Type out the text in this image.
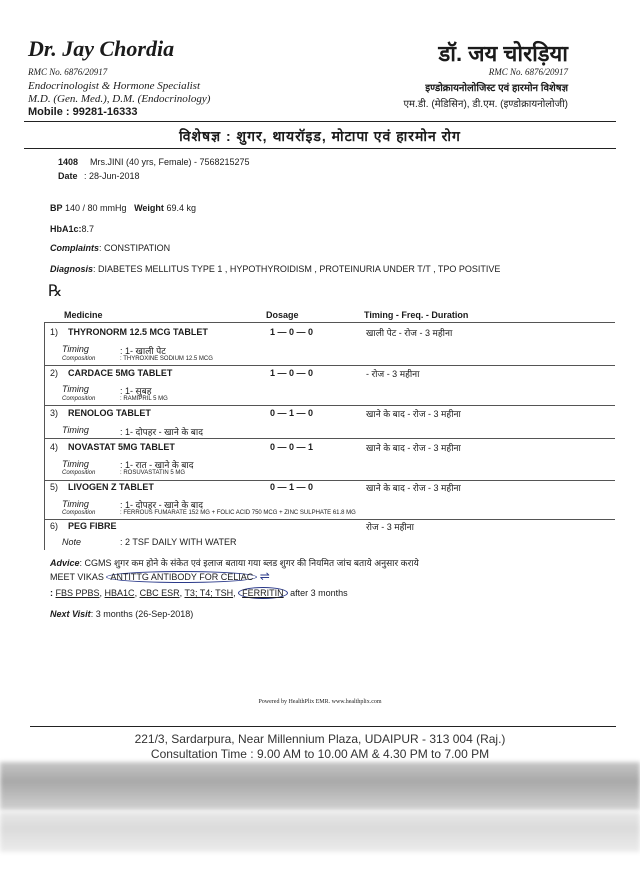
Dr. Jay Chordia
RMC No. 6876/20917
Endocrinologist & Hormone Specialist
M.D. (Gen. Med.), D.M. (Endocrinology)
Mobile : 99281-16333
डॉ. जय चोरड़िया
RMC No. 6876/20917
इण्डोक्रायनोलोजिस्ट एवं हारमोन विशेषज्ञ
एम.डी. (मेडिसिन), डी.एम. (इण्डोक्रायनोलोजी)
विशेषज्ञ : शुगर, थायरॉइड, मोटापा एवं हारमोन रोग
1408 Mrs.JINI (40 yrs, Female) - 7568215275
Date : 28-Jun-2018
BP 140 / 80 mmHg Weight 69.4 kg
HbA1c:8.7
Complaints: CONSTIPATION
Diagnosis: DIABETES MELLITUS TYPE 1 , HYPOTHYROIDISM , PROTEINURIA UNDER T/T , TPO POSITIVE
℞
Medicine	Dosage	Timing - Freq. - Duration
1) THYRONORM 12.5 MCG TABLET	1 — 0 — 0	खाली पेट - रोज - 3 महीना
Timing	: 1- खाली पेट
Composition	: THYROXINE SODIUM 12.5 MCG
2) CARDACE 5MG TABLET	1 — 0 — 0	- रोज - 3 महीना
Timing	: 1- सुबह
Composition	: RAMIPRIL 5 MG
3) RENOLOG TABLET	0 — 1 — 0	खाने के बाद - रोज - 3 महीना
Timing	: 1- दोपहर - खाने के बाद
4) NOVASTAT 5MG TABLET	0 — 0 — 1	खाने के बाद - रोज - 3 महीना
Timing	: 1- रात - खाने के बाद
Composition	: ROSUVASTATIN 5 MG
5) LIVOGEN Z TABLET	0 — 1 — 0	खाने के बाद - रोज - 3 महीना
Timing	: 1- दोपहर - खाने के बाद
Composition	: FERROUS FUMARATE 152 MG + FOLIC ACID 750 MCG + ZINC SULPHATE 61.8 MG
6) PEG FIBRE	रोज - 3 महीना
Note	: 2 TSF DAILY WITH WATER
Advice: CGMS शुगर कम होने के संकेत एवं इलाज बताया गया ब्लड शुगर की नियमित जांच बताये अनुसार कराये
MEET VIKAS ANTITTG ANTIBODY FOR CELIAC ⇌
: FBS PPBS, HBA1C, CBC ESR, T3; T4; TSH, FERRITIN after 3 months
Next Visit: 3 months (26-Sep-2018)
Powered by HealthPlix EMR. www.healthplix.com
221/3, Sardarpura, Near Millennium Plaza, UDAIPUR - 313 004 (Raj.)
Consultation Time : 9.00 AM to 10.00 AM & 4.30 PM to 7.00 PM
